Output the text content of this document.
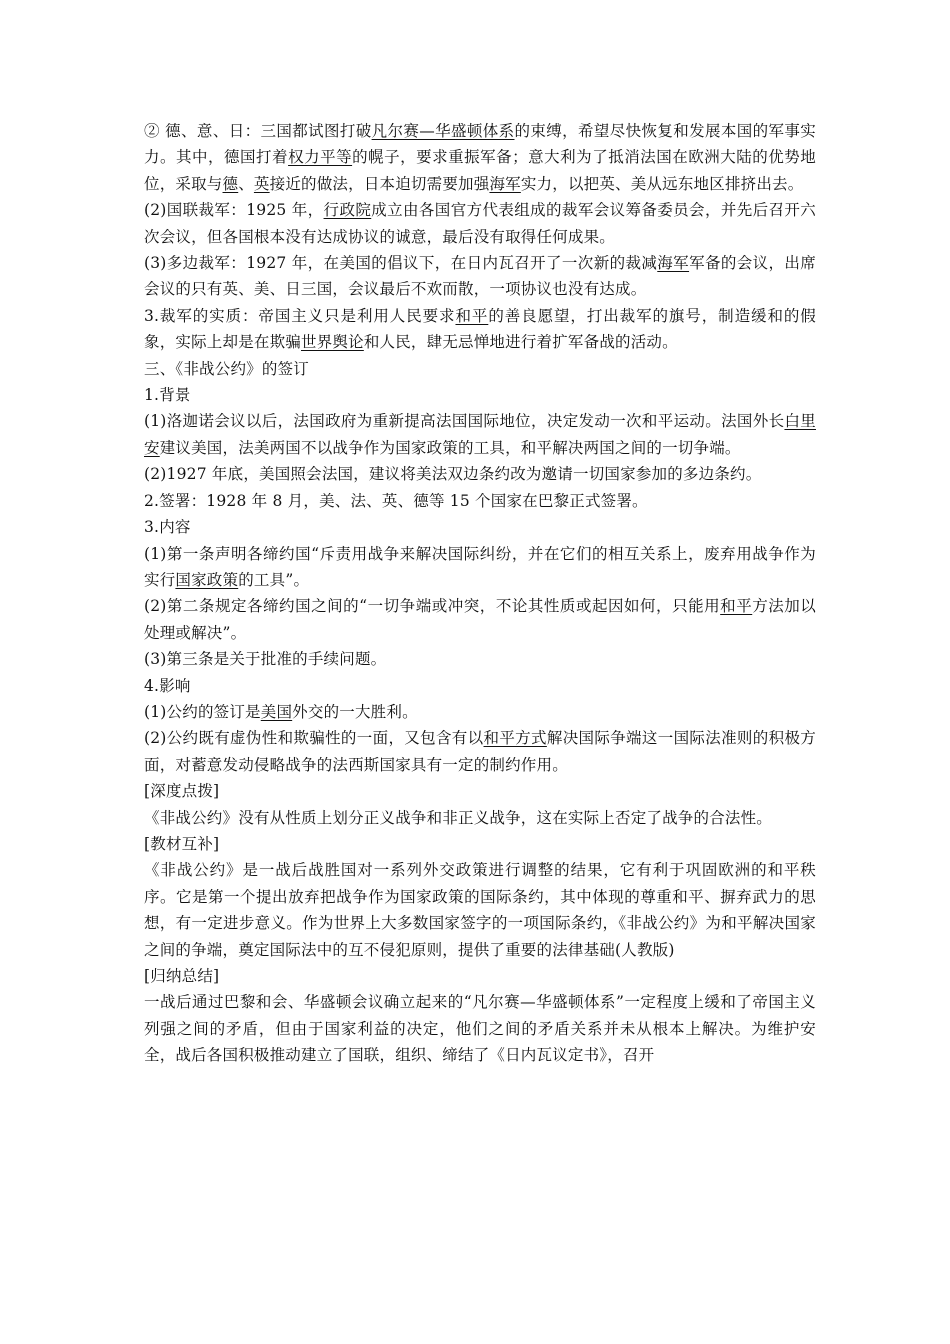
② 德、意、日：三国都试图打破凡尔赛—华盛顿体系的束缚，希望尽快恢复和发展本国的军事实力。其中，德国打着权力平等的幌子，要求重振军备；意大利为了抵消法国在欧洲大陆的优势地位，采取与德、英接近的做法，日本迫切需要加强海军实力，以把英、美从远东地区排挤出去。

(2)国联裁军：1925 年，行政院成立由各国官方代表组成的裁军会议筹备委员会，并先后召开六次会议，但各国根本没有达成协议的诚意，最后没有取得任何成果。

(3)多边裁军：1927 年，在美国的倡议下，在日内瓦召开了一次新的裁减海军军备的会议，出席会议的只有英、美、日三国，会议最后不欢而散，一项协议也没有达成。

3.裁军的实质：帝国主义只是利用人民要求和平的善良愿望，打出裁军的旗号，制造缓和的假象，实际上却是在欺骗世界舆论和人民，肆无忌惮地进行着扩军备战的活动。

三、《非战公约》的签订

1.背景

(1)洛迦诺会议以后，法国政府为重新提高法国国际地位，决定发动一次和平运动。法国外长白里安建议美国，法美两国不以战争作为国家政策的工具，和平解决两国之间的一切争端。

(2)1927 年底，美国照会法国，建议将美法双边条约改为邀请一切国家参加的多边条约。

2.签署：1928 年 8 月，美、法、英、德等 15 个国家在巴黎正式签署。

3.内容

(1)第一条声明各缔约国“斥责用战争来解决国际纠纷，并在它们的相互关系上，废弃用战争作为实行国家政策的工具”。

(2)第二条规定各缔约国之间的“一切争端或冲突，不论其性质或起因如何，只能用和平方法加以处理或解决”。

(3)第三条是关于批准的手续问题。

4.影响

(1)公约的签订是美国外交的一大胜利。

(2)公约既有虚伪性和欺骗性的一面，又包含有以和平方式解决国际争端这一国际法准则的积极方面，对蓄意发动侵略战争的法西斯国家具有一定的制约作用。

[深度点拨]

《非战公约》没有从性质上划分正义战争和非正义战争，这在实际上否定了战争的合法性。

[教材互补]

《非战公约》是一战后战胜国对一系列外交政策进行调整的结果，它有利于巩固欧洲的和平秩序。它是第一个提出放弃把战争作为国家政策的国际条约，其中体现的尊重和平、摒弃武力的思想，有一定进步意义。作为世界上大多数国家签字的一项国际条约，《非战公约》为和平解决国家之间的争端，奠定国际法中的互不侵犯原则，提供了重要的法律基础(人教版)

[归纳总结]

一战后通过巴黎和会、华盛顿会议确立起来的“凡尔赛—华盛顿体系”一定程度上缓和了帝国主义列强之间的矛盾，但由于国家利益的决定，他们之间的矛盾关系并未从根本上解决。为维护安全，战后各国积极推动建立了国联，组织、缔结了《日内瓦议定书》，召开
